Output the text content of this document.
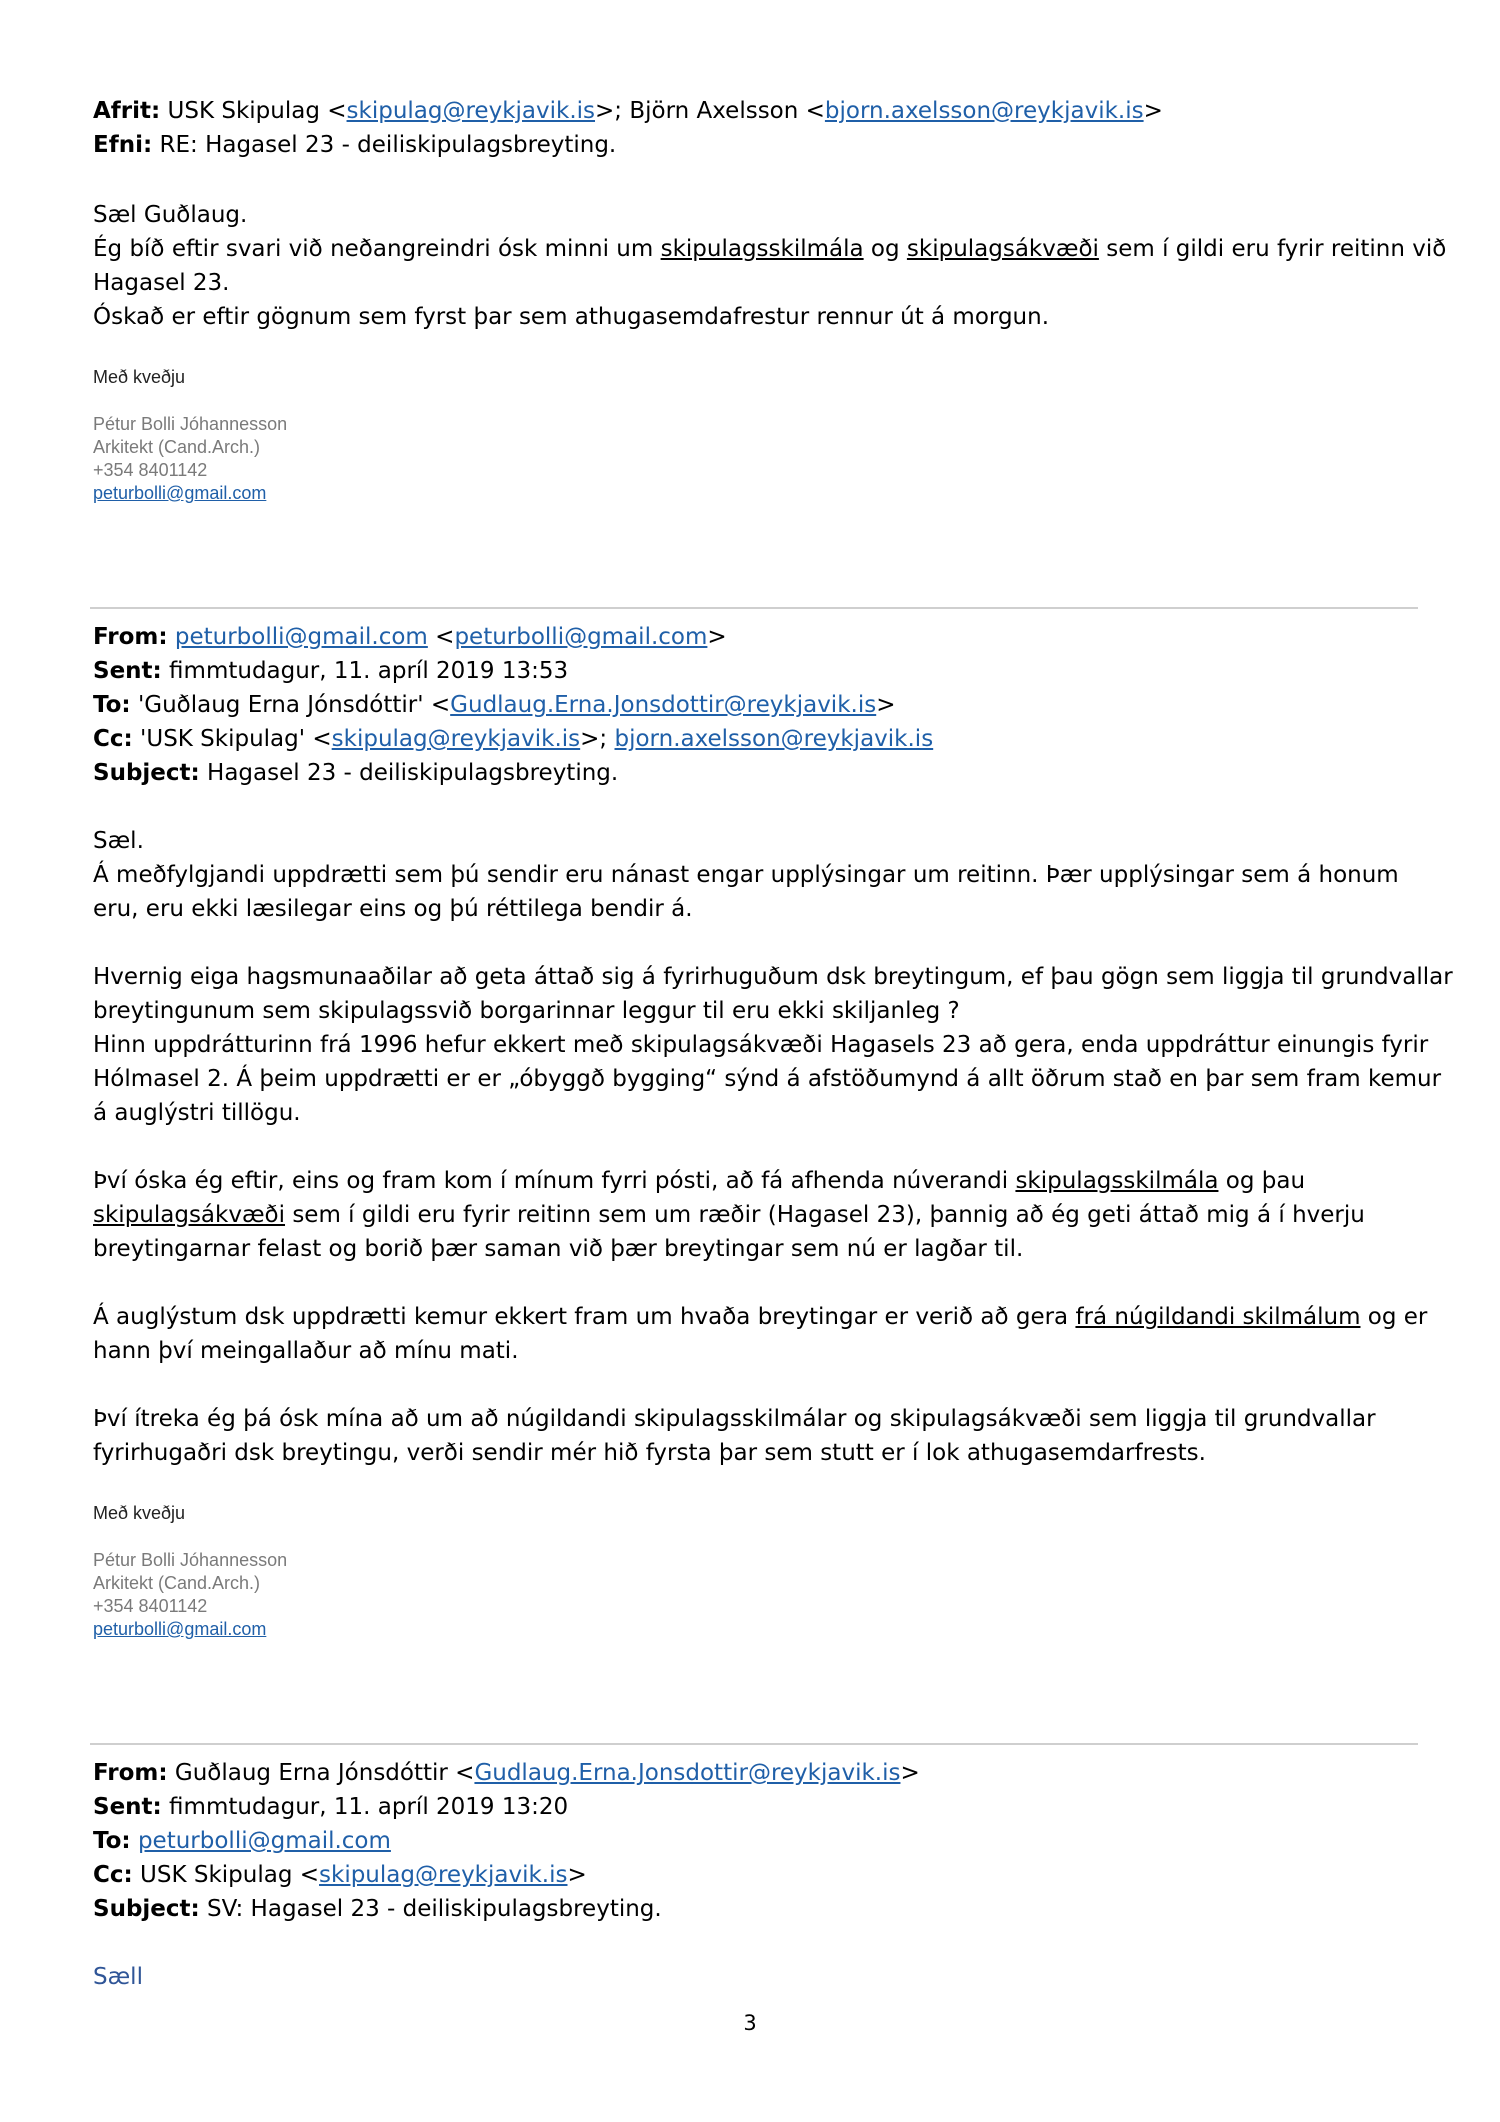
Afrit: USK Skipulag <skipulag@reykjavik.is>; Björn Axelsson <bjorn.axelsson@reykjavik.is>
Efni: RE: Hagasel 23 - deiliskipulagsbreyting.
Sæl Guðlaug.
Ég bíð eftir svari við neðangreindri ósk minni um skipulagsskilmála og skipulagsákvæði sem í gildi eru fyrir reitinn við
Hagasel 23.
Óskað er eftir gögnum sem fyrst þar sem athugasemdafrestur rennur út á morgun.
Með kveðju
Pétur Bolli Jóhannesson
Arkitekt (Cand.Arch.)
+354 8401142
peturbolli@gmail.com
From: peturbolli@gmail.com <peturbolli@gmail.com>
Sent: fimmtudagur, 11. apríl 2019 13:53
To: 'Guðlaug Erna Jónsdóttir' <Gudlaug.Erna.Jonsdottir@reykjavik.is>
Cc: 'USK Skipulag' <skipulag@reykjavik.is>; bjorn.axelsson@reykjavik.is
Subject: Hagasel 23 - deiliskipulagsbreyting.
Sæl.
Á meðfylgjandi uppdrætti sem þú sendir eru nánast engar upplýsingar um reitinn. Þær upplýsingar sem á honum
eru, eru ekki læsilegar eins og þú réttilega bendir á.
Hvernig eiga hagsmunaaðilar að geta áttað sig á fyrirhuguðum dsk breytingum, ef þau gögn sem liggja til grundvallar
breytingunum sem skipulagssvið borgarinnar leggur til eru ekki skiljanleg ?
Hinn uppdrátturinn frá 1996 hefur ekkert með skipulagsákvæði Hagasels 23 að gera, enda uppdráttur einungis fyrir
Hólmasel 2. Á þeim uppdrætti er er „óbyggð bygging“ sýnd á afstöðumynd á allt öðrum stað en þar sem fram kemur
á auglýstri tillögu.
Því óska ég eftir, eins og fram kom í mínum fyrri pósti, að fá afhenda núverandi skipulagsskilmála og þau
skipulagsákvæði sem í gildi eru fyrir reitinn sem um ræðir (Hagasel 23), þannig að ég geti áttað mig á í hverju
breytingarnar felast og borið þær saman við þær breytingar sem nú er lagðar til.
Á auglýstum dsk uppdrætti kemur ekkert fram um hvaða breytingar er verið að gera frá núgildandi skilmálum og er
hann því meingallaður að mínu mati.
Því ítreka ég þá ósk mína að um að núgildandi skipulagsskilmálar og skipulagsákvæði sem liggja til grundvallar
fyrirhugaðri dsk breytingu, verði sendir mér hið fyrsta þar sem stutt er í lok athugasemdarfrests.
Með kveðju
Pétur Bolli Jóhannesson
Arkitekt (Cand.Arch.)
+354 8401142
peturbolli@gmail.com
From: Guðlaug Erna Jónsdóttir <Gudlaug.Erna.Jonsdottir@reykjavik.is>
Sent: fimmtudagur, 11. apríl 2019 13:20
To: peturbolli@gmail.com
Cc: USK Skipulag <skipulag@reykjavik.is>
Subject: SV: Hagasel 23 - deiliskipulagsbreyting.
Sæll
3
